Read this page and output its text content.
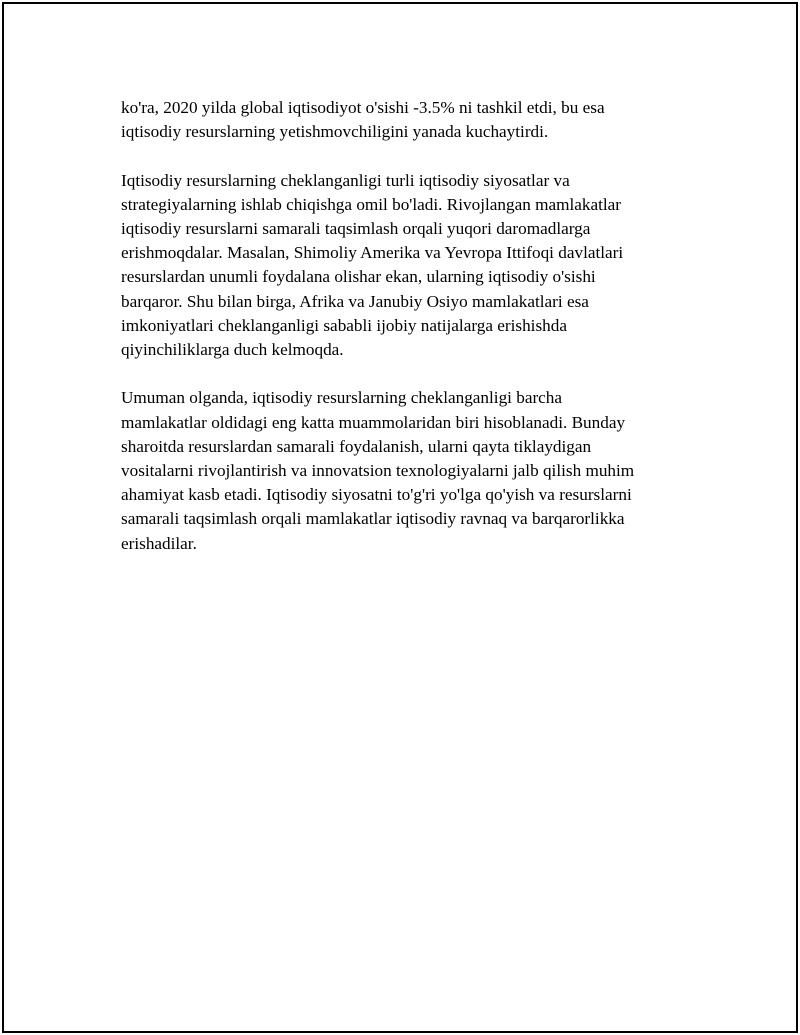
ko'ra, 2020 yilda global iqtisodiyot o'sishi -3.5% ni tashkil etdi, bu esa
iqtisodiy resurslarning yetishmovchiligini yanada kuchaytirdi.

Iqtisodiy resurslarning cheklanganligi turli iqtisodiy siyosatlar va
strategiyalarning ishlab chiqishga omil bo'ladi. Rivojlangan mamlakatlar
iqtisodiy resurslarni samarali taqsimlash orqali yuqori daromadlarga
erishmoqdalar. Masalan, Shimoliy Amerika va Yevropa Ittifoqi davlatlari
resurslardan unumli foydalana olishar ekan, ularning iqtisodiy o'sishi
barqaror. Shu bilan birga, Afrika va Janubiy Osiyo mamlakatlari esa
imkoniyatlari cheklanganligi sababli ijobiy natijalarga erishishda
qiyinchiliklarga duch kelmoqda.

Umuman olganda, iqtisodiy resurslarning cheklanganligi barcha
mamlakatlar oldidagi eng katta muammolaridan biri hisoblanadi. Bunday
sharoitda resurslardan samarali foydalanish, ularni qayta tiklaydigan
vositalarni rivojlantirish va innovatsion texnologiyalarni jalb qilish muhim
ahamiyat kasb etadi. Iqtisodiy siyosatni to'g'ri yo'lga qo'yish va resurslarni
samarali taqsimlash orqali mamlakatlar iqtisodiy ravnaq va barqarorlikka
erishadilar.
